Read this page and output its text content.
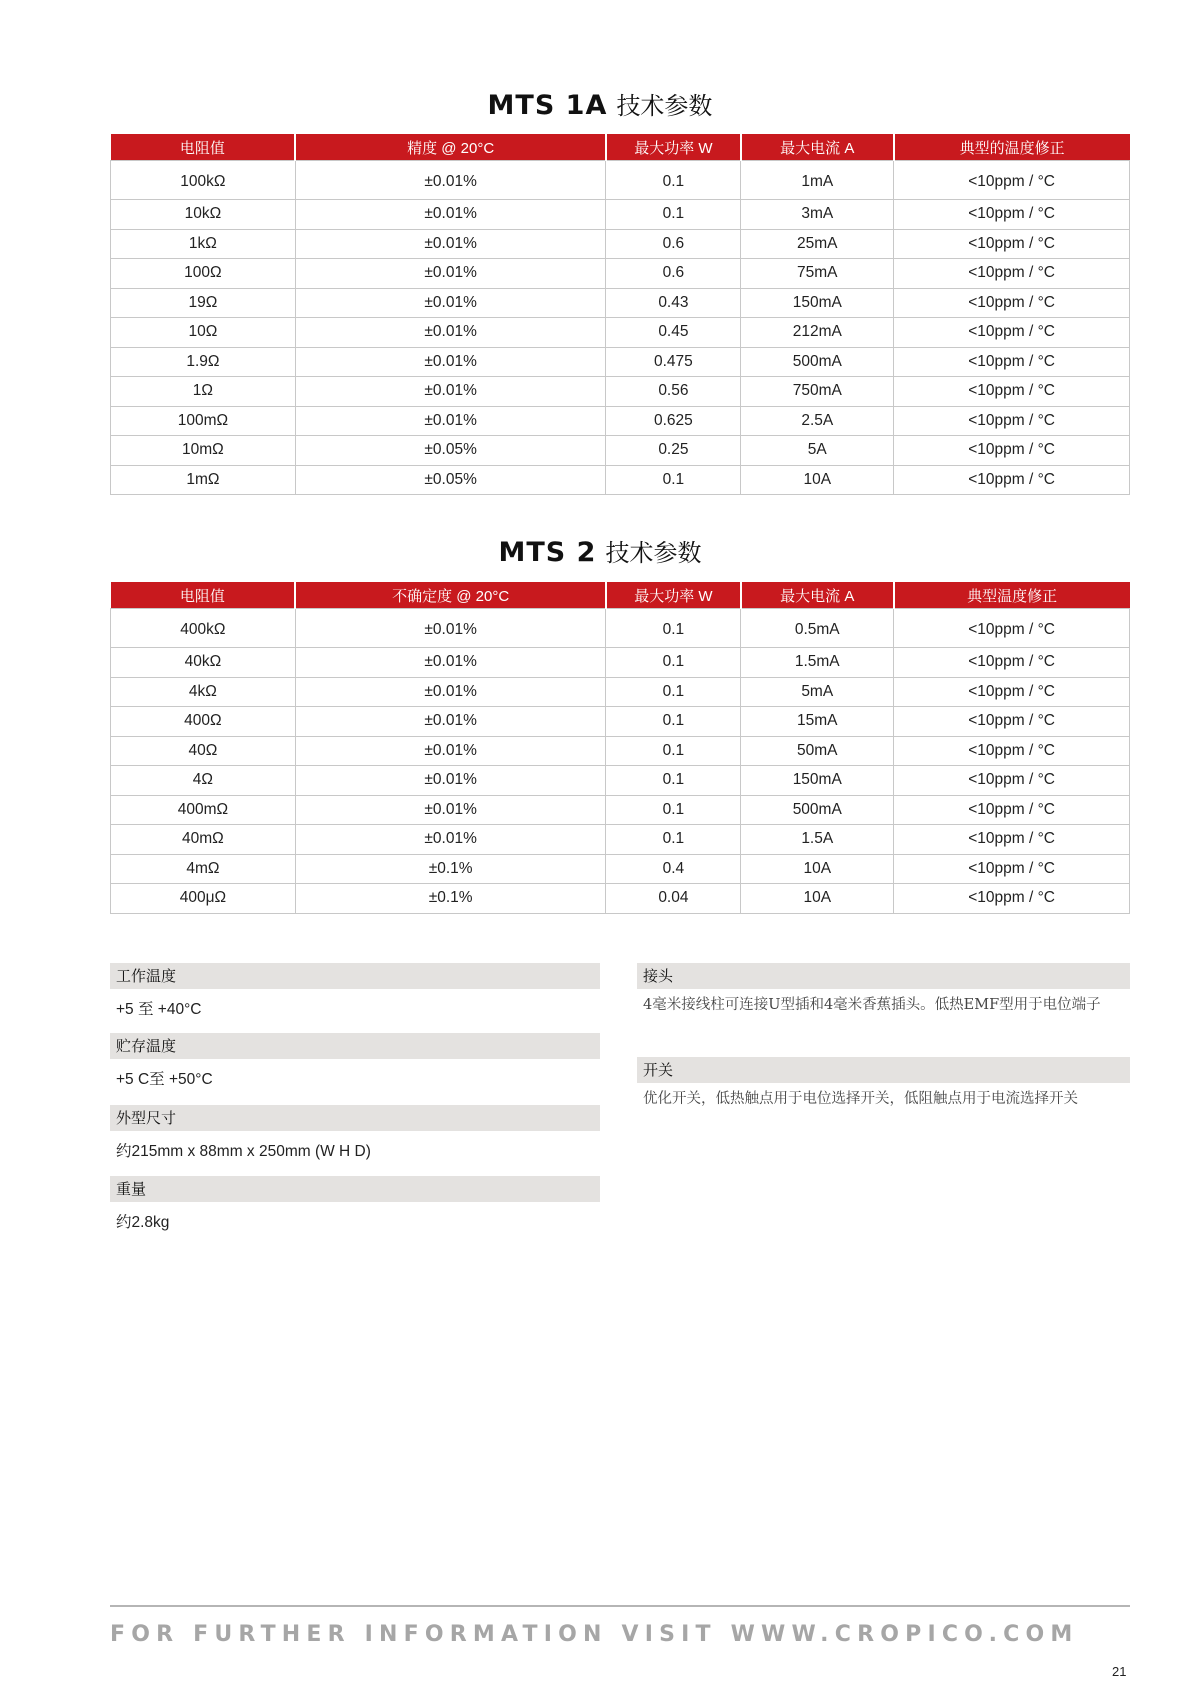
MTS 1A 技术参数
电阻值	精度 @ 20°C	最大功率 W	最大电流 A	典型的温度修正
100kΩ	±0.01%	0.1	1mA	<10ppm / °C
10kΩ	±0.01%	0.1	3mA	<10ppm / °C
1kΩ	±0.01%	0.6	25mA	<10ppm / °C
100Ω	±0.01%	0.6	75mA	<10ppm / °C
19Ω	±0.01%	0.43	150mA	<10ppm / °C
10Ω	±0.01%	0.45	212mA	<10ppm / °C
1.9Ω	±0.01%	0.475	500mA	<10ppm / °C
1Ω	±0.01%	0.56	750mA	<10ppm / °C
100mΩ	±0.01%	0.625	2.5A	<10ppm / °C
10mΩ	±0.05%	0.25	5A	<10ppm / °C
1mΩ	±0.05%	0.1	10A	<10ppm / °C
MTS 2 技术参数
电阻值	不确定度 @ 20°C	最大功率 W	最大电流 A	典型温度修正
400kΩ	±0.01%	0.1	0.5mA	<10ppm / °C
40kΩ	±0.01%	0.1	1.5mA	<10ppm / °C
4kΩ	±0.01%	0.1	5mA	<10ppm / °C
400Ω	±0.01%	0.1	15mA	<10ppm / °C
40Ω	±0.01%	0.1	50mA	<10ppm / °C
4Ω	±0.01%	0.1	150mA	<10ppm / °C
400mΩ	±0.01%	0.1	500mA	<10ppm / °C
40mΩ	±0.01%	0.1	1.5A	<10ppm / °C
4mΩ	±0.1%	0.4	10A	<10ppm / °C
400μΩ	±0.1%	0.04	10A	<10ppm / °C
工作温度
+5 至 +40°C
贮存温度
+5 C至 +50°C
外型尺寸
约215mm x 88mm x 250mm (W H D)
重量
约2.8kg
接头
4毫米接线柱可连接U型插和4毫米香蕉插头。低热EMF型用于电位端子
开关
优化开关，低热触点用于电位选择开关，低阻触点用于电流选择开关

FOR FURTHER INFORMATION VISIT WWW.CROPICO.COM

21
